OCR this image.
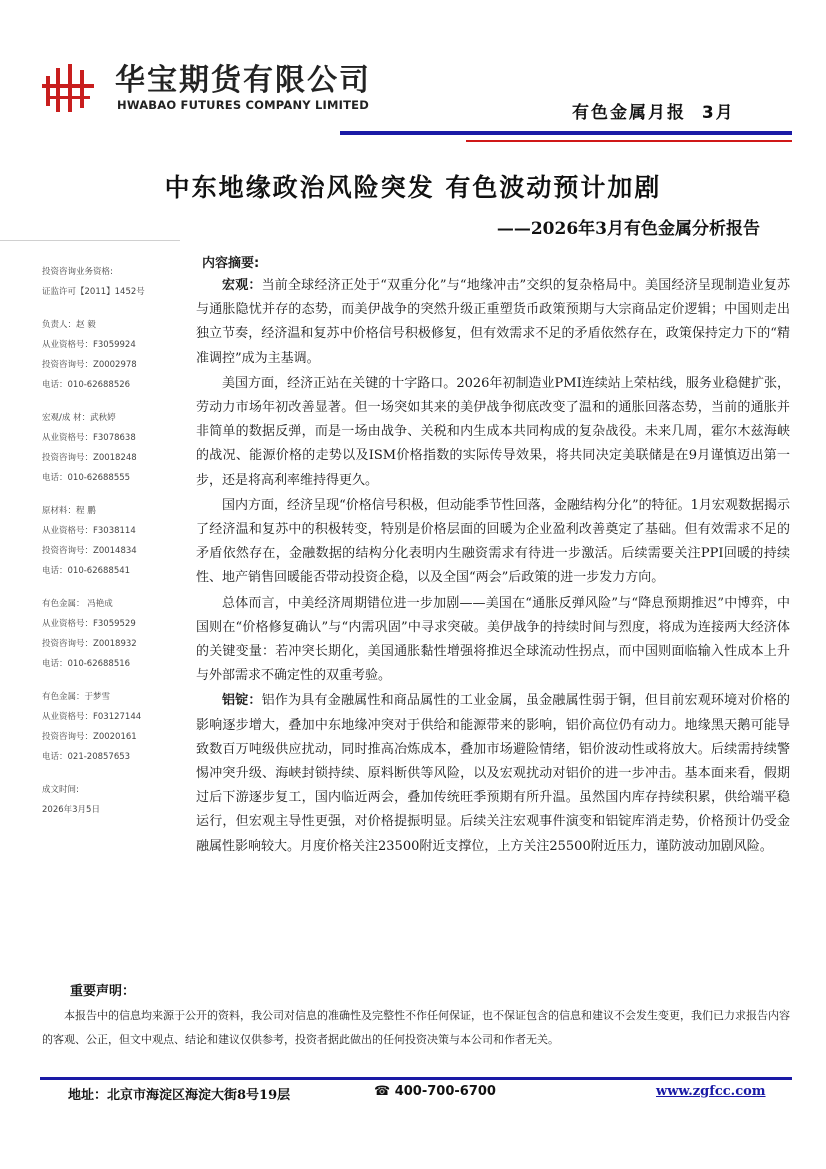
华宝期货有限公司
HWABAO FUTURES COMPANY LIMITED	有色金属月报  3月
中东地缘政治风险突发 有色波动预计加剧
——2026年3月有色金属分析报告
投资咨询业务资格:
证监许可【2011】1452号
负责人：赵 毅
从业资格号：F3059924
投资咨询号：Z0002978
电话：010-62688526
宏观/成 材：武秋婷
从业资格号：F3078638
投资咨询号：Z0018248
电话：010-62688555
原材料：程 鹏
从业资格号：F3038114
投资咨询号：Z0014834
电话：010-62688541
有色金属： 冯艳成
从业资格号：F3059529
投资咨询号：Z0018932
电话：010-62688516
有色金属：于梦雪
从业资格号：F03127144
投资咨询号：Z0020161
电话：021-20857653
成文时间:
2026年3月5日
内容摘要:

宏观：当前全球经济正处于“双重分化”与“地缘冲击”交织的复杂格局中。美国经济呈现制造业复苏与通胀隐忧并存的态势，而美伊战争的突然升级正重塑货币政策预期与大宗商品定价逻辑；中国则走出独立节奏，经济温和复苏中价格信号积极修复，但有效需求不足的矛盾依然存在，政策保持定力下的“精准调控”成为主基调。

美国方面，经济正站在关键的十字路口。2026年初制造业PMI连续站上荣枯线，服务业稳健扩张，劳动力市场年初改善显著。但一场突如其来的美伊战争彻底改变了温和的通胀回落态势，当前的通胀并非简单的数据反弹，而是一场由战争、关税和内生成本共同构成的复杂战役。未来几周，霍尔木兹海峡的战况、能源价格的走势以及ISM价格指数的实际传导效果，将共同决定美联储是在9月谨慎迈出第一步，还是将高利率维持得更久。

国内方面，经济呈现“价格信号积极，但动能季节性回落，金融结构分化”的特征。1月宏观数据揭示了经济温和复苏中的积极转变，特别是价格层面的回暖为企业盈利改善奠定了基础。但有效需求不足的矛盾依然存在，金融数据的结构分化表明内生融资需求有待进一步激活。后续需要关注PPI回暖的持续性、地产销售回暖能否带动投资企稳，以及全国“两会”后政策的进一步发力方向。

总体而言，中美经济周期错位进一步加剧——美国在“通胀反弹风险”与“降息预期推迟”中博弈，中国则在“价格修复确认”与“内需巩固”中寻求突破。美伊战争的持续时间与烈度，将成为连接两大经济体的关键变量：若冲突长期化，美国通胀黏性增强将推迟全球流动性拐点，而中国则面临输入性成本上升与外部需求不确定性的双重考验。

铝锭：铝作为具有金融属性和商品属性的工业金属，虽金融属性弱于铜，但目前宏观环境对价格的影响逐步增大，叠加中东地缘冲突对于供给和能源带来的影响，铝价高位仍有动力。地缘黑天鹅可能导致数百万吨级供应扰动，同时推高冶炼成本，叠加市场避险情绪，铝价波动性或将放大。后续需持续警惕冲突升级、海峡封锁持续、原料断供等风险，以及宏观扰动对铝价的进一步冲击。基本面来看，假期过后下游逐步复工，国内临近两会，叠加传统旺季预期有所升温。虽然国内库存持续积累，供给端平稳运行，但宏观主导性更强，对价格提振明显。后续关注宏观事件演变和铝锭库消走势，价格预计仍受金融属性影响较大。月度价格关注23500附近支撑位，上方关注25500附近压力，谨防波动加剧风险。

重要声明：
本报告中的信息均来源于公开的资料，我公司对信息的准确性及完整性不作任何保证，也不保证包含的信息和建议不会发生变更，我们已力求报告内容的客观、公正，但文中观点、结论和建议仅供参考，投资者据此做出的任何投资决策与本公司和作者无关。
地址：北京市海淀区海淀大街8号19层	☎ 400-700-6700	www.zgfcc.com
